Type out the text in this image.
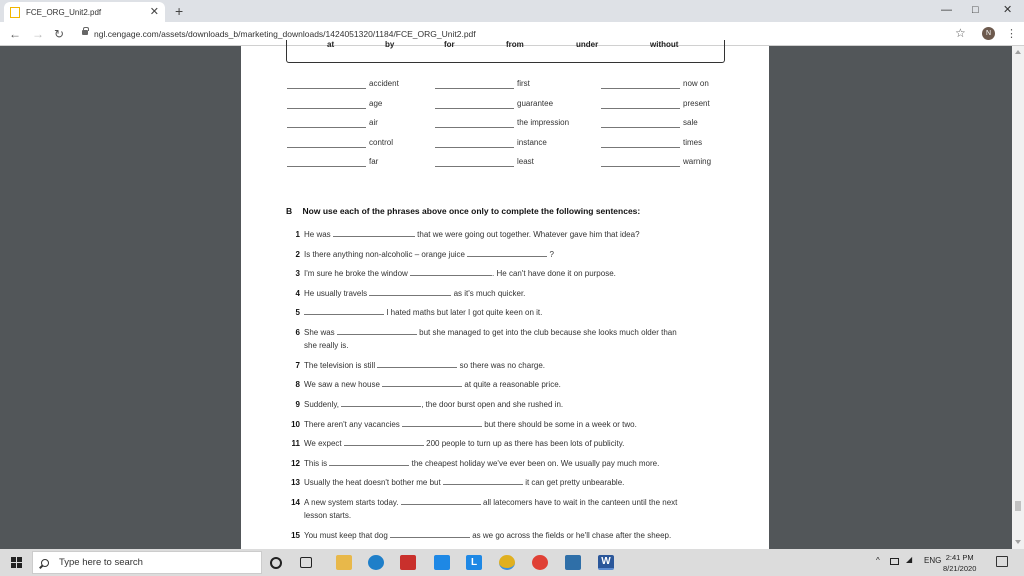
FCE_ORG_Unit2.pdf	✕ +	— □ ✕
← → ↻	ngl.cengage.com/assets/downloads_b/marketing_downloads/1424051320/1184/FCE_ORG_Unit2.pdf	☆	N	⋮
at	by	for	from	under	without
accident	first	now on
age	guarantee	present
air	the impression	sale
control	instance	times
far	least	warning
B Now use each of the phrases above once only to complete the following sentences:
1 He was	that we were going out together. Whatever gave him that idea?
2 Is there anything non-alcoholic – orange juice	?
3 I'm sure he broke the window	. He can't have done it on purpose.
4 He usually travels	as it's much quicker.
5	I hated maths but later I got quite keen on it.
6 She was	but she managed to get into the club because she looks much older than
she really is.
7 The television is still	so there was no charge.
8 We saw a new house	at quite a reasonable price.
9 Suddenly,	, the door burst open and she rushed in.
10 There aren't any vacancies	but there should be some in a week or two.
11 We expect	200 people to turn up as there has been lots of publicity.
12 This is	the cheapest holiday we've ever been on. We usually pay much more.
13 Usually the heat doesn't bother me but	it can get pretty unbearable.
14 A new system starts today.	all latecomers have to wait in the canteen until the next
lesson starts.
15 You must keep that dog	as we go across the fields or he'll chase after the sheep.
Type here to search	L	W	^	◢ ENG 2:41 PM
8/21/2020
